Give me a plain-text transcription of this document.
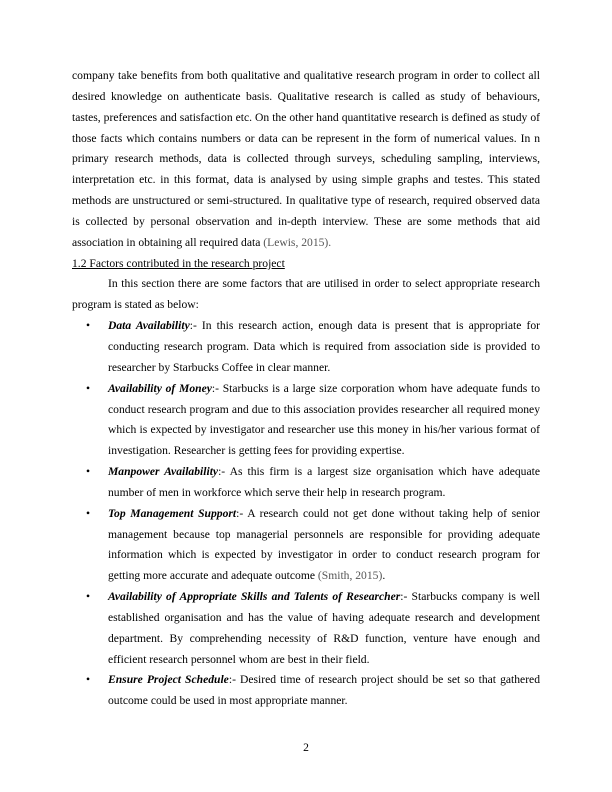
company take benefits from both qualitative and qualitative research program in order to collect all desired knowledge on authenticate basis. Qualitative research is called as study of behaviours, tastes, preferences and satisfaction etc. On the other hand quantitative research is defined as study of those facts which contains numbers or data can be represent in the form of numerical values. In n primary research methods, data is collected through surveys, scheduling sampling, interviews, interpretation etc. in this format, data is analysed by using simple graphs and testes. This stated methods are unstructured or semi-structured. In qualitative type of research, required observed data is collected by personal observation and in-depth interview. These are some methods that aid association in obtaining all required data (Lewis, 2015).

1.2 Factors contributed in the research project

In this section there are some factors that are utilised in order to select appropriate research program is stated as below:

• Data Availability:- In this research action, enough data is present that is appropriate for conducting research program. Data which is required from association side is provided to researcher by Starbucks Coffee in clear manner.
• Availability of Money:- Starbucks is a large size corporation whom have adequate funds to conduct research program and due to this association provides researcher all required money which is expected by investigator and researcher use this money in his/her various format of investigation. Researcher is getting fees for providing expertise.
• Manpower Availability:- As this firm is a largest size organisation which have adequate number of men in workforce which serve their help in research program.
• Top Management Support:- A research could not get done without taking help of senior management because top managerial personnels are responsible for providing adequate information which is expected by investigator in order to conduct research program for getting more accurate and adequate outcome (Smith, 2015).
• Availability of Appropriate Skills and Talents of Researcher:- Starbucks company is well established organisation and has the value of having adequate research and development department. By comprehending necessity of R&D function, venture have enough and efficient research personnel whom are best in their field.
• Ensure Project Schedule:- Desired time of research project should be set so that gathered outcome could be used in most appropriate manner.
2
